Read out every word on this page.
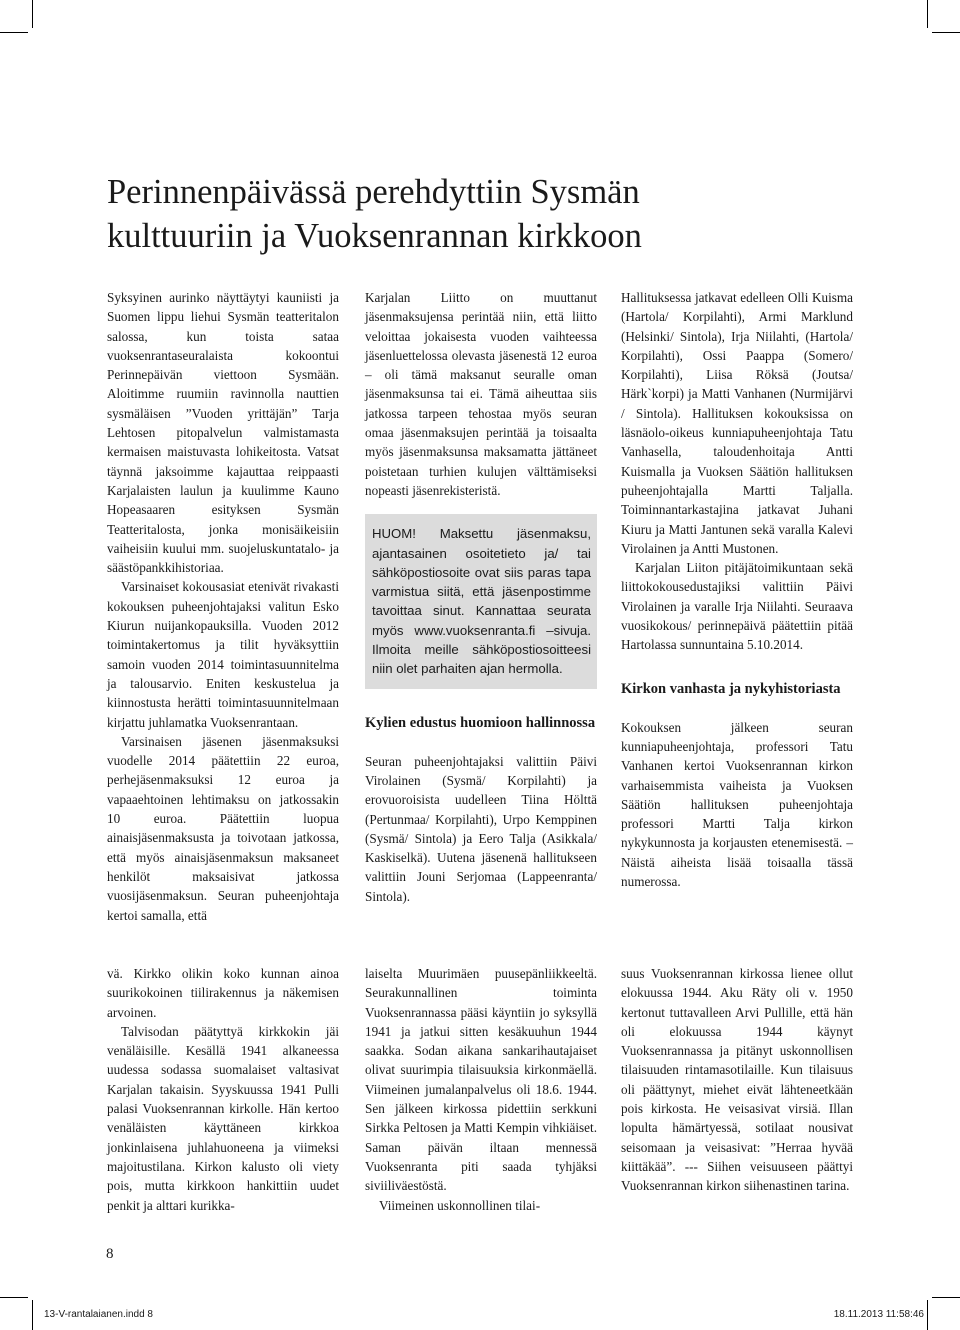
Perinnenpäivässä perehdyttiin Sysmän
kulttuuriin ja Vuoksenrannan kirkkoon

Syksyinen aurinko näyttäytyi kauniisti ja Suomen lippu liehui Sysmän teatteritalon salossa, kun toista sataa vuoksenrantaseuralaista kokoontui Perinnepäivän viettoon Sysmään. Aloitimme ruumiin ravinnolla nauttien sysmäläisen ”Vuoden yrittäjän” Tarja Lehtosen pitopalvelun valmistamasta kermaisen maistuvasta lohikeitosta. Vatsat täynnä jaksoimme kajauttaa reippaasti Karjalaisten laulun ja kuulimme Kauno Hopeasaaren esityksen Sysmän Teatteritalosta, jonka monisäikeisiin vaiheisiin kuului mm. suojeluskuntatalo- ja säästöpankkihistoriaa.

Varsinaiset kokousasiat etenivät rivakasti kokouksen puheenjohtajaksi valitun Esko Kiurun nuijankopauksilla. Vuoden 2012 toimintakertomus ja tilit hyväksyttiin samoin vuoden 2014 toimintasuunnitelma ja talousarvio. Eniten keskustelua ja kiinnostusta herätti toimintasuunnitelmaan kirjattu juhlamatka Vuoksenrantaan.

Varsinaisen jäsenen jäsenmaksuksi vuodelle 2014 päätettiin 22 euroa, perhejäsenmaksuksi 12 euroa ja vapaaehtoinen lehtimaksu on jatkossakin 10 euroa. Päätettiin luopua ainaisjäsenmaksusta ja toivotaan jatkossa, että myös ainaisjäsenmaksun maksaneet henkilöt maksaisivat jatkossa vuosijäsenmaksun. Seuran puheenjohtaja kertoi samalla, että

Karjalan Liitto on muuttanut jäsenmaksujensa perintää niin, että liitto veloittaa jokaisesta vuoden vaihteessa jäsenluettelossa olevasta jäsenestä 12 euroa – oli tämä maksanut seuralle oman jäsenmaksunsa tai ei. Tämä aiheuttaa siis jatkossa tarpeen tehostaa myös seuran omaa jäsenmaksujen perintää ja toisaalta myös jäsenmaksunsa maksamatta jättäneet poistetaan turhien kulujen välttämiseksi nopeasti jäsenrekisteristä.

HUOM! Maksettu jäsenmaksu, ajantasainen osoitetieto ja/ tai sähköpostiosoite ovat siis paras tapa varmistua siitä, että jäsenpostimme tavoittaa sinut. Kannattaa seurata myös www.vuoksenranta.fi –sivuja. Ilmoita meille sähköpostiosoitteesi niin olet parhaiten ajan hermolla.

Kylien edustus huomioon hallinnossa

Seuran puheenjohtajaksi valittiin Päivi Virolainen (Sysmä/ Korpilahti) ja erovuoroisista uudelleen Tiina Hölttä (Pertunmaa/ Korpilahti), Urpo Kemppinen (Sysmä/ Sintola) ja Eero Talja (Asikkala/ Kaskiselkä). Uutena jäsenenä hallitukseen valittiin Jouni Serjomaa (Lappeenranta/ Sintola).

Hallituksessa jatkavat edelleen Olli Kuisma (Hartola/ Korpilahti), Armi Marklund (Helsinki/ Sintola), Irja Niilahti, (Hartola/ Korpilahti), Ossi Paappa (Somero/ Korpilahti), Liisa Röksä (Joutsa/ Härk`korpi) ja Matti Vanhanen (Nurmijärvi / Sintola). Hallituksen kokouksissa on läsnäolo-oikeus kunniapuheenjohtaja Tatu Vanhasella, taloudenhoitaja Antti Kuismalla ja Vuoksen Säätiön hallituksen puheenjohtajalla Martti Taljalla. Toiminnantarkastajina jatkavat Juhani Kiuru ja Matti Jantunen sekä varalla Kalevi Virolainen ja Antti Mustonen.

Karjalan Liiton pitäjätoimikuntaan sekä liittokokousedustajiksi valittiin Päivi Virolainen ja varalle Irja Niilahti. Seuraava vuosikokous/ perinnepäivä päätettiin pitää Hartolassa sunnuntaina 5.10.2014.

Kirkon vanhasta ja nykyhistoriasta

Kokouksen jälkeen seuran kunniapuheenjohtaja, professori Tatu Vanhanen kertoi Vuoksenrannan kirkon varhaisemmista vaiheista ja Vuoksen Säätiön hallituksen puheenjohtaja professori Martti Talja kirkon nykykunnosta ja korjausten etenemisestä. – Näistä aiheista lisää toisaalla tässä numerossa.

vä. Kirkko olikin koko kunnan ainoa suurikokoinen tiilirakennus ja näkemisen arvoinen.

Talvisodan päätyttyä kirkkokin jäi venäläisille. Kesällä 1941 alkaneessa uudessa sodassa suomalaiset valtasivat Karjalan takaisin. Syyskuussa 1941 Pulli palasi Vuoksenrannan kirkolle. Hän kertoo venäläisten käyttäneen kirkkoa jonkinlaisena juhlahuoneena ja viimeksi majoitustilana. Kirkon kalusto oli viety pois, mutta kirkkoon hankittiin uudet penkit ja alttari kurikka-

laiselta Muurimäen puusepänliikkeeltä. Seurakunnallinen toiminta Vuoksenrannassa pääsi käyntiin jo syksyllä 1941 ja jatkui sitten kesäkuuhun 1944 saakka. Sodan aikana sankarihautajaiset olivat suurimpia tilaisuuksia kirkonmäellä. Viimeinen jumalanpalvelus oli 18.6. 1944. Sen jälkeen kirkossa pidettiin serkkuni Sirkka Peltosen ja Matti Kempin vihkiäiset. Saman päivän iltaan mennessä Vuoksenranta piti saada tyhjäksi siviiliväestöstä.

Viimeinen uskonnollinen tilai-

suus Vuoksenrannan kirkossa lienee ollut elokuussa 1944. Aku Räty oli v. 1950 kertonut tuttavalleen Arvi Pullille, että hän oli elokuussa 1944 käynyt Vuoksenrannassa ja pitänyt uskonnollisen tilaisuuden rintamasotilaille. Kun tilaisuus oli päättynyt, miehet eivät lähteneetkään pois kirkosta. He veisasivat virsiä. Illan lopulta hämärtyessä, sotilaat nousivat seisomaan ja veisasivat: ”Herraa hyvää kiittäkää”. --- Siihen veisuuseen päättyi Vuoksenrannan kirkon siihenastinen tarina.

8
13-V-rantalaianen.indd 8	18.11.2013 11:58:46
